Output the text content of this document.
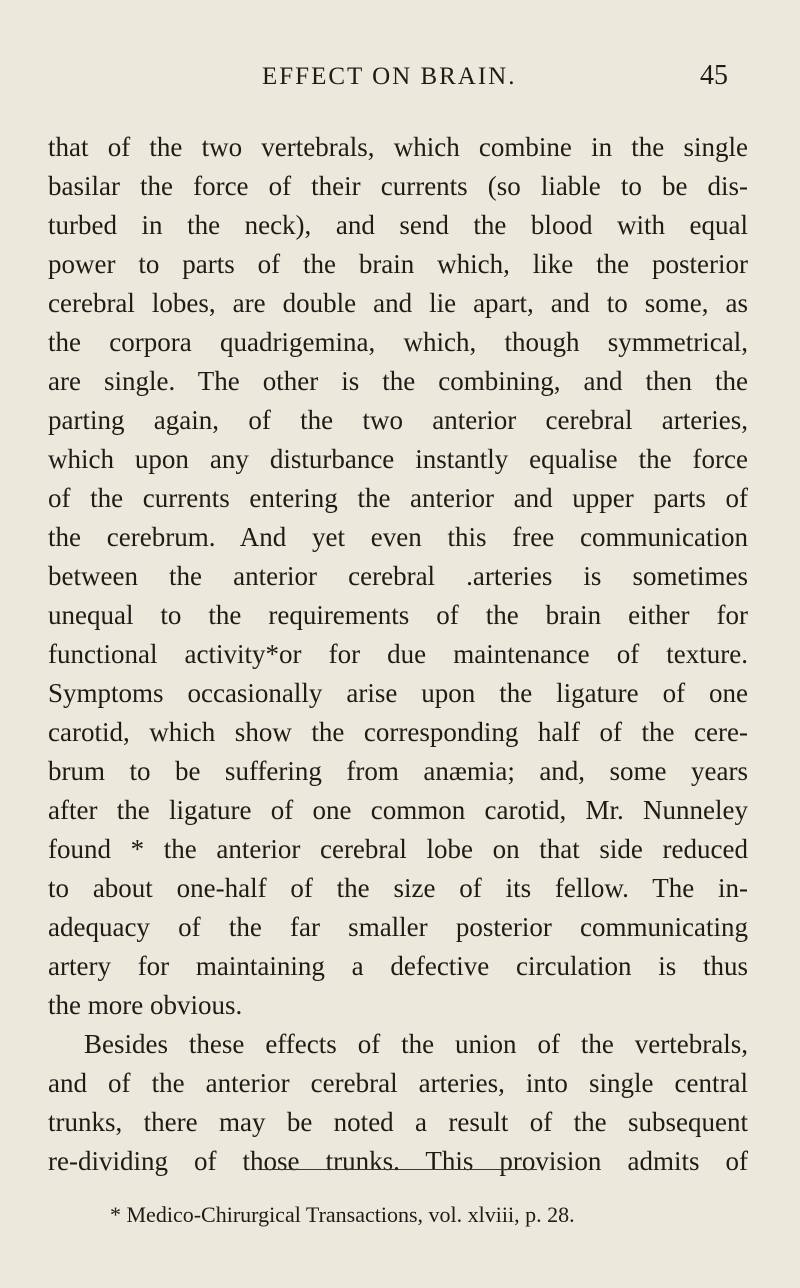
EFFECT ON BRAIN.	45
that of the two vertebrals, which combine in the single
basilar the force of their currents (so liable to be dis-
turbed in the neck), and send the blood with equal
power to parts of the brain which, like the posterior
cerebral lobes, are double and lie apart, and to some, as
the corpora quadrigemina, which, though symmetrical,
are single. The other is the combining, and then the
parting again, of the two anterior cerebral arteries,
which upon any disturbance instantly equalise the force
of the currents entering the anterior and upper parts of
the cerebrum. And yet even this free communication
between the anterior cerebral .arteries is sometimes
unequal to the requirements of the brain either for
functional activity*or for due maintenance of texture.
Symptoms occasionally arise upon the ligature of one
carotid, which show the corresponding half of the cere-
brum to be suffering from anæmia; and, some years
after the ligature of one common carotid, Mr. Nunneley
found * the anterior cerebral lobe on that side reduced
to about one-half of the size of its fellow. The in-
adequacy of the far smaller posterior communicating
artery for maintaining a defective circulation is thus
the more obvious.
Besides these effects of the union of the vertebrals,
and of the anterior cerebral arteries, into single central
trunks, there may be noted a result of the subsequent
re-dividing of those trunks. This provision admits of
* Medico-Chirurgical Transactions, vol. xlviii, p. 28.
